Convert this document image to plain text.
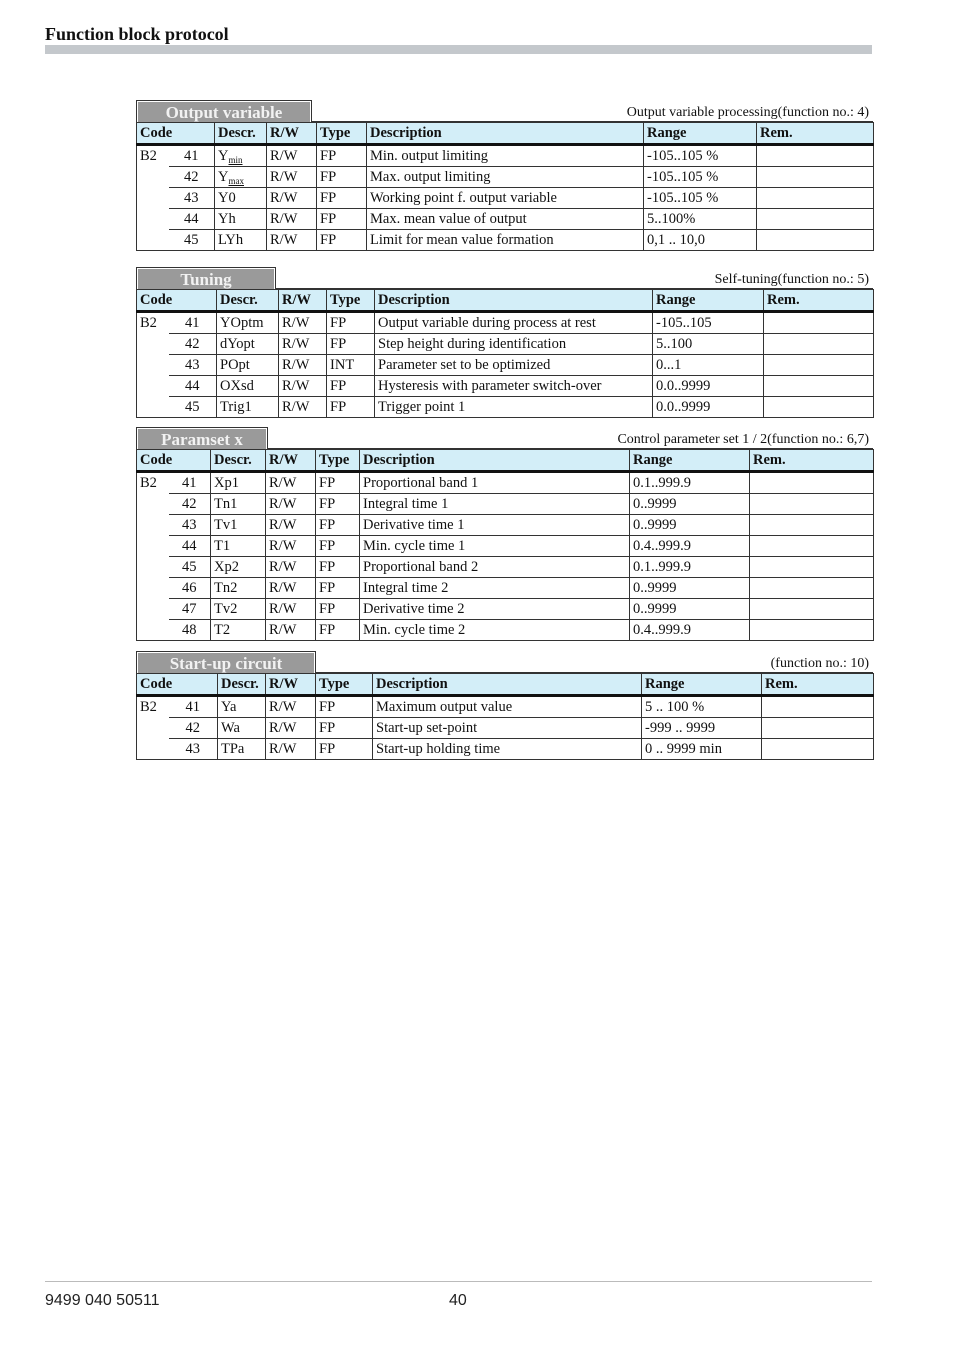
Function block protocol
Output variable	Output variable processing(function no.: 4)
Code		Descr.	R/W	Type	Description	Range	Rem.
B2	41	$Y_{min}$	R/W	FP	Min. output limiting	-105..105 %	
	42	$Y_{max}$	R/W	FP	Max. output limiting	-105..105 %	
	43	Y0	R/W	FP	Working point f. output variable	-105..105 %	
	44	Yh	R/W	FP	Max. mean value of output	5..100%	
	45	LYh	R/W	FP	Limit for mean value formation	0,1 .. 10,0	
Tuning	Self-tuning(function no.: 5)
Code		Descr.	R/W	Type	Description	Range	Rem.
B2	41	YOptm	R/W	FP	Output variable during process at rest	-105..105	
	42	dYopt	R/W	FP	Step height during identification	5..100	
	43	POpt	R/W	INT	Parameter set to be optimized	0...1	
	44	OXsd	R/W	FP	Hysteresis with parameter switch-over	0.0..9999	
	45	Trig1	R/W	FP	Trigger point 1	0.0..9999	
Paramset x	Control parameter set 1 / 2(function no.: 6,7)
Code		Descr.	R/W	Type	Description	Range	Rem.
B2	41	Xp1	R/W	FP	Proportional band 1	0.1..999.9	
	42	Tn1	R/W	FP	Integral time 1	0..9999	
	43	Tv1	R/W	FP	Derivative time 1	0..9999	
	44	T1	R/W	FP	Min. cycle time 1	0.4..999.9	
	45	Xp2	R/W	FP	Proportional band 2	0.1..999.9	
	46	Tn2	R/W	FP	Integral time 2	0..9999	
	47	Tv2	R/W	FP	Derivative time 2	0..9999	
	48	T2	R/W	FP	Min. cycle time 2	0.4..999.9	
Start-up circuit	(function no.: 10)
Code		Descr.	R/W	Type	Description	Range	Rem.
B2	41	Ya	R/W	FP	Maximum output value	5 .. 100 %	
	42	Wa	R/W	FP	Start-up set-point	-999 .. 9999	
	43	TPa	R/W	FP	Start-up holding time	0 .. 9999 min	
9499 040 50511	40
